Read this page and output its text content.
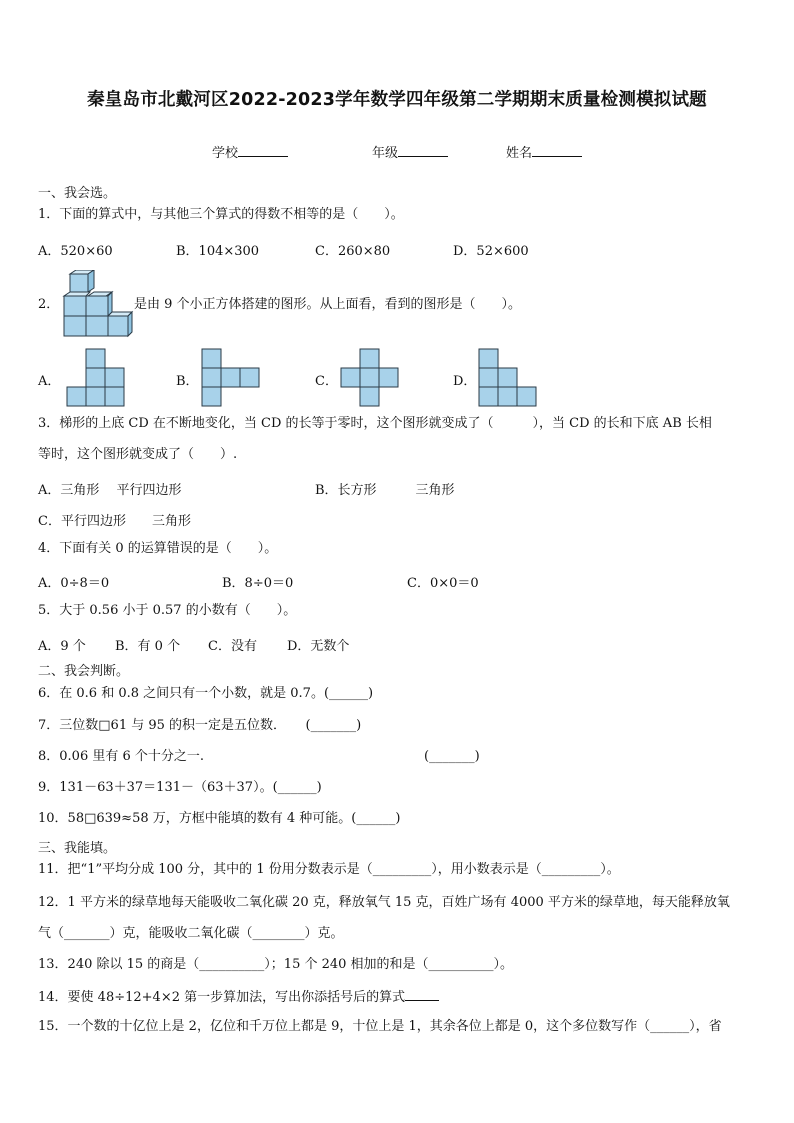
秦皇岛市北戴河区2022-2023学年数学四年级第二学期期末质量检测模拟试题
学校	年级	姓名
一、我会选。
1．下面的算式中，与其他三个算式的得数不相等的是（　　）。
A．520×60	B．104×300	C．260×80	D．52×600
2．	是由 9 个小正方体搭建的图形。从上面看，看到的图形是（　　）。
A．	B．	C．	D．
3．梯形的上底 CD 在不断地变化，当 CD 的长等于零时，这个图形就变成了（　　　），当 CD 的长和下底 AB 长相
等时，这个图形就变成了（　　）.
A．三角形　 平行四边形	B．长方形　　　三角形
C．平行四边形　　三角形
4．下面有关 0 的运算错误的是（　　）。
A．0÷8＝0	B．8÷0＝0	C．0×0＝0
5．大于 0.56 小于 0.57 的小数有（　　）。
A．9 个 B．有 0 个 C．没有 D．无数个
二、我会判断。
6．在 0.6 和 0.8 之间只有一个小数，就是 0.7。(______)
7．三位数□61 与 95 的积一定是五位数．　　(_______)
8．0.06 里有 6 个十分之一.	(_______)
9．131－63＋37＝131－（63＋37）。(______)
10．58□639≈58 万，方框中能填的数有 4 种可能。(______)
三、我能填。
11．把“1”平均分成 100 分，其中的 1 份用分数表示是（_________），用小数表示是（_________）。
12．1 平方米的绿草地每天能吸收二氧化碳 20 克，释放氧气 15 克，百姓广场有 4000 平方米的绿草地，每天能释放氧
气（_______）克，能吸收二氧化碳（________）克。
13．240 除以 15 的商是（__________）；15 个 240 相加的和是（__________）。
14．要使 48÷12+4×2 第一步算加法，写出你添括号后的算式
15．一个数的十亿位上是 2，亿位和千万位上都是 9，十位上是 1，其余各位上都是 0，这个多位数写作（______），省
